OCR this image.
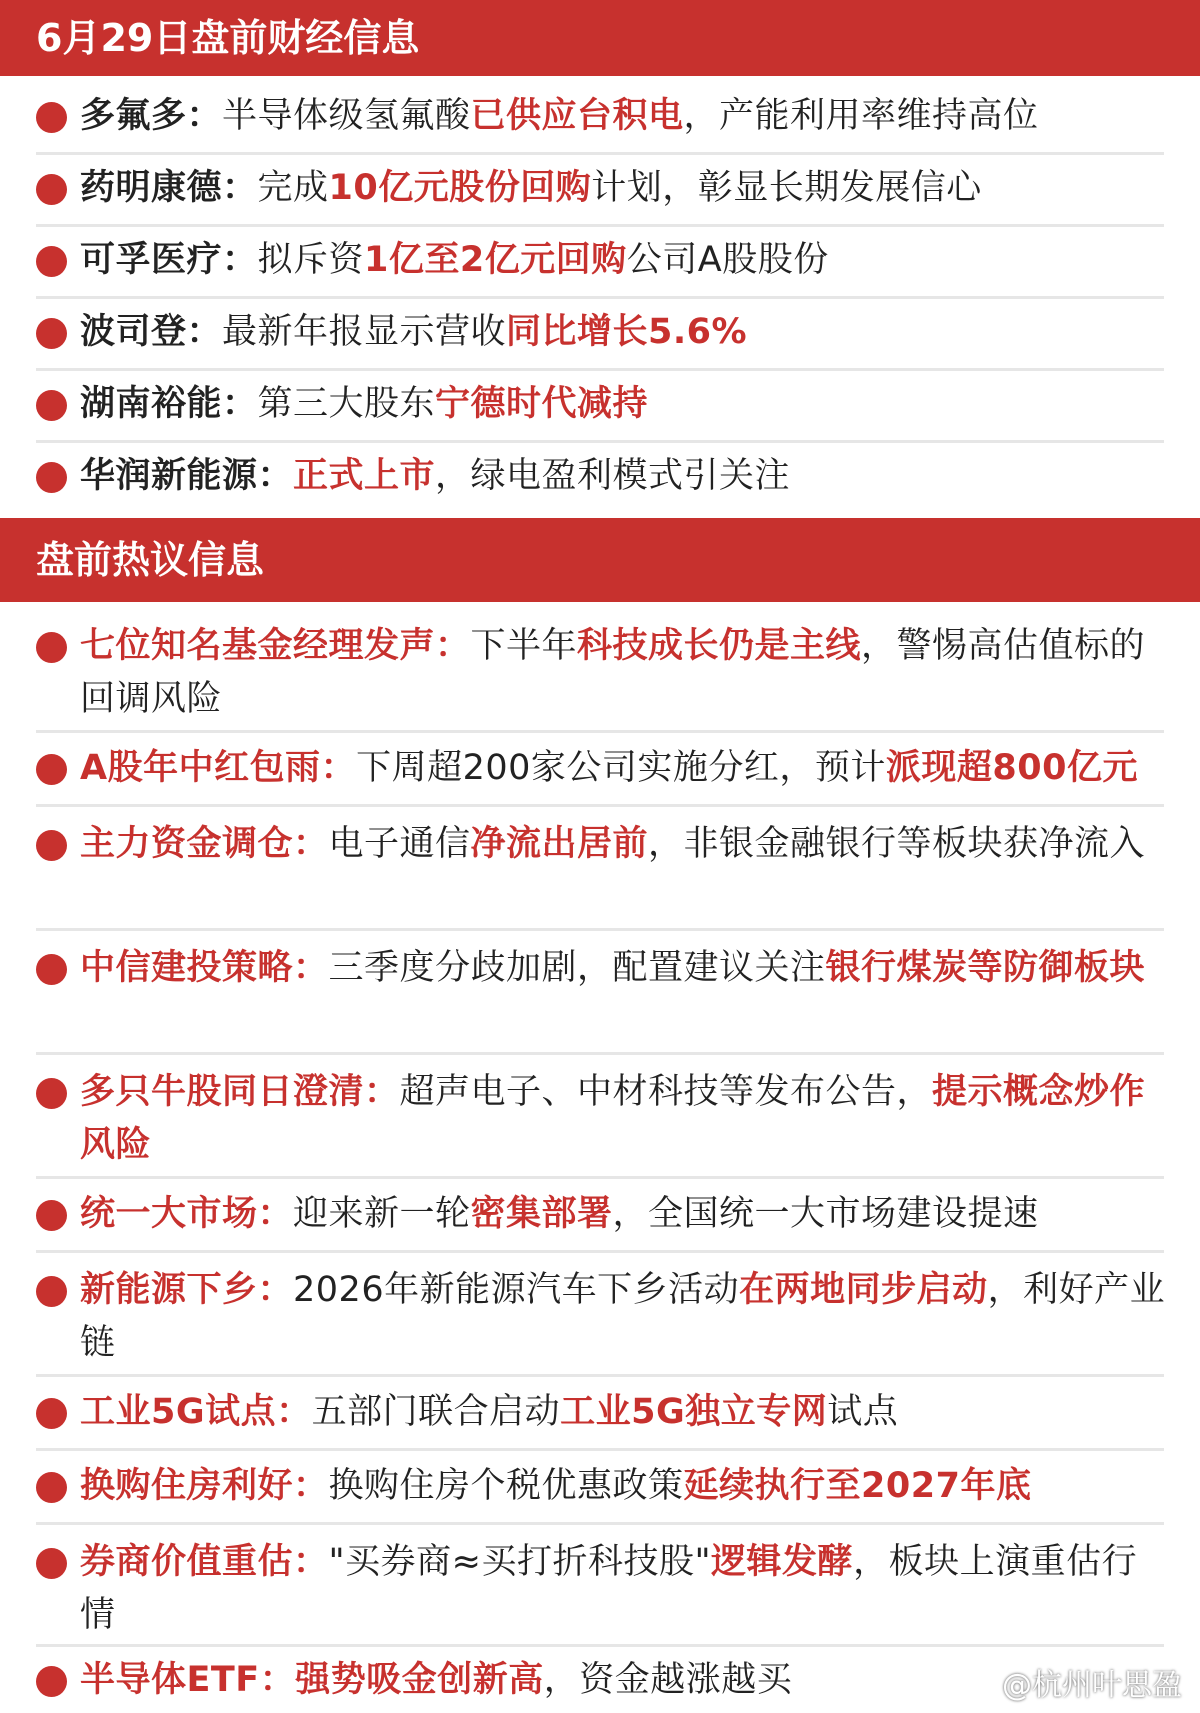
6月29日盘前财经信息
多氟多：半导体级氢氟酸已供应台积电，产能利用率维持高位
药明康德：完成10亿元股份回购计划，彰显长期发展信心
可孚医疗：拟斥资1亿至2亿元回购公司A股股份
波司登：最新年报显示营收同比增长5.6%
湖南裕能：第三大股东宁德时代减持
华润新能源：正式上市，绿电盈利模式引关注
盘前热议信息
七位知名基金经理发声：下半年科技成长仍是主线，警惕高估值标的回调风险
A股年中红包雨：下周超200家公司实施分红，预计派现超800亿元
主力资金调仓：电子通信净流出居前，非银金融银行等板块获净流入
中信建投策略：三季度分歧加剧，配置建议关注银行煤炭等防御板块
多只牛股同日澄清：超声电子、中材科技等发布公告，提示概念炒作风险
统一大市场：迎来新一轮密集部署，全国统一大市场建设提速
新能源下乡：2026年新能源汽车下乡活动在两地同步启动，利好产业链
工业5G试点：五部门联合启动工业5G独立专网试点
换购住房利好：换购住房个税优惠政策延续执行至2027年底
券商价值重估："买券商≈买打折科技股"逻辑发酵，板块上演重估行情
半导体ETF：强势吸金创新高，资金越涨越买	@杭州叶思盈
